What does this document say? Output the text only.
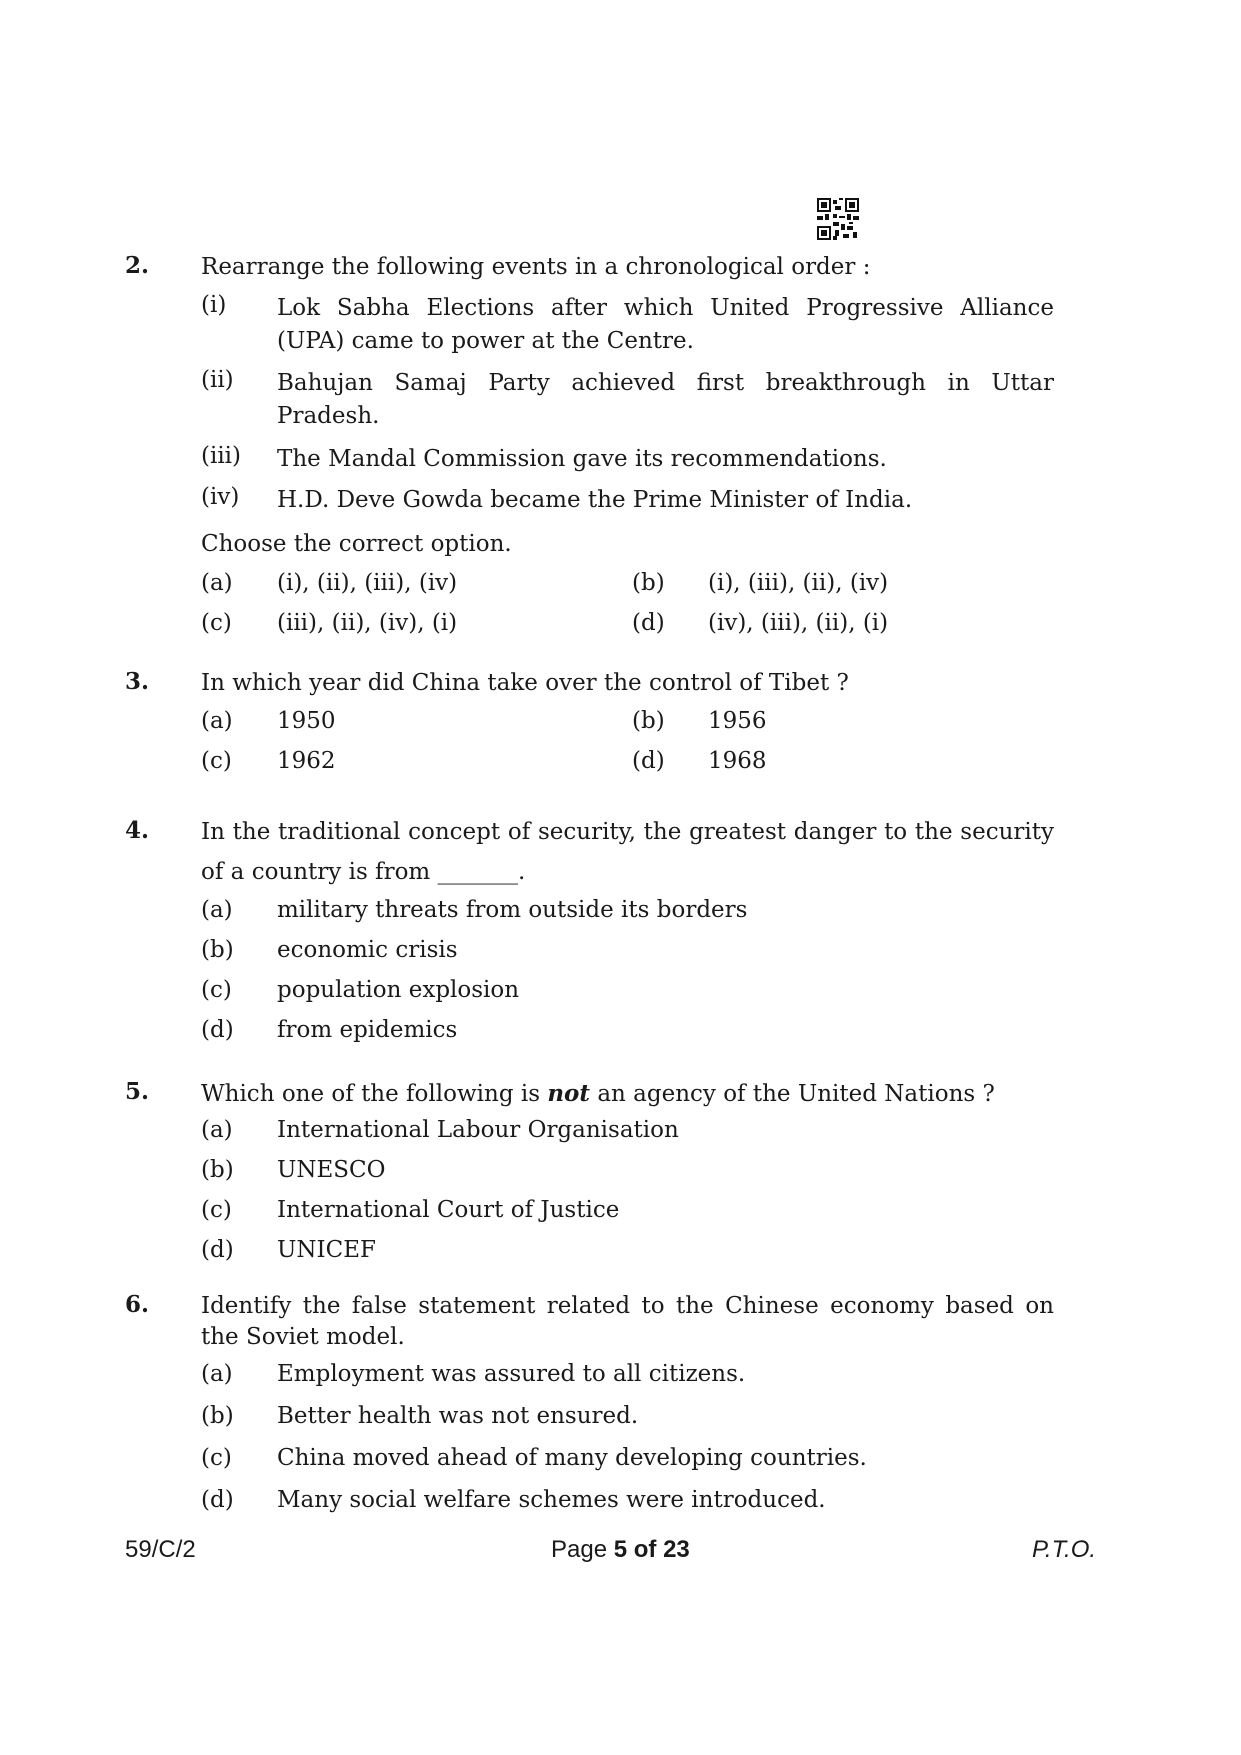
2. Rearrange the following events in a chronological order :
(i) Lok Sabha Elections after which United Progressive Alliance (UPA) came to power at the Centre.
(ii) Bahujan Samaj Party achieved first breakthrough in Uttar Pradesh.
(iii) The Mandal Commission gave its recommendations.
(iv) H.D. Deve Gowda became the Prime Minister of India.
Choose the correct option.
(a) (i), (ii), (iii), (iv)	(b) (i), (iii), (ii), (iv)
(c) (iii), (ii), (iv), (i)	(d) (iv), (iii), (ii), (i)
3. In which year did China take over the control of Tibet ?
(a) 1950	(b) 1956
(c) 1962	(d) 1968
4. In the traditional concept of security, the greatest danger to the security
of a country is from _______.
(a) military threats from outside its borders
(b) economic crisis
(c) population explosion
(d) from epidemics
5. Which one of the following is not an agency of the United Nations ?
(a) International Labour Organisation
(b) UNESCO
(c) International Court of Justice
(d) UNICEF
6. Identify the false statement related to the Chinese economy based on the Soviet model.
(a) Employment was assured to all citizens.
(b) Better health was not ensured.
(c) China moved ahead of many developing countries.
(d) Many social welfare schemes were introduced.
59/C/2	Page 5 of 23	P.T.O.
